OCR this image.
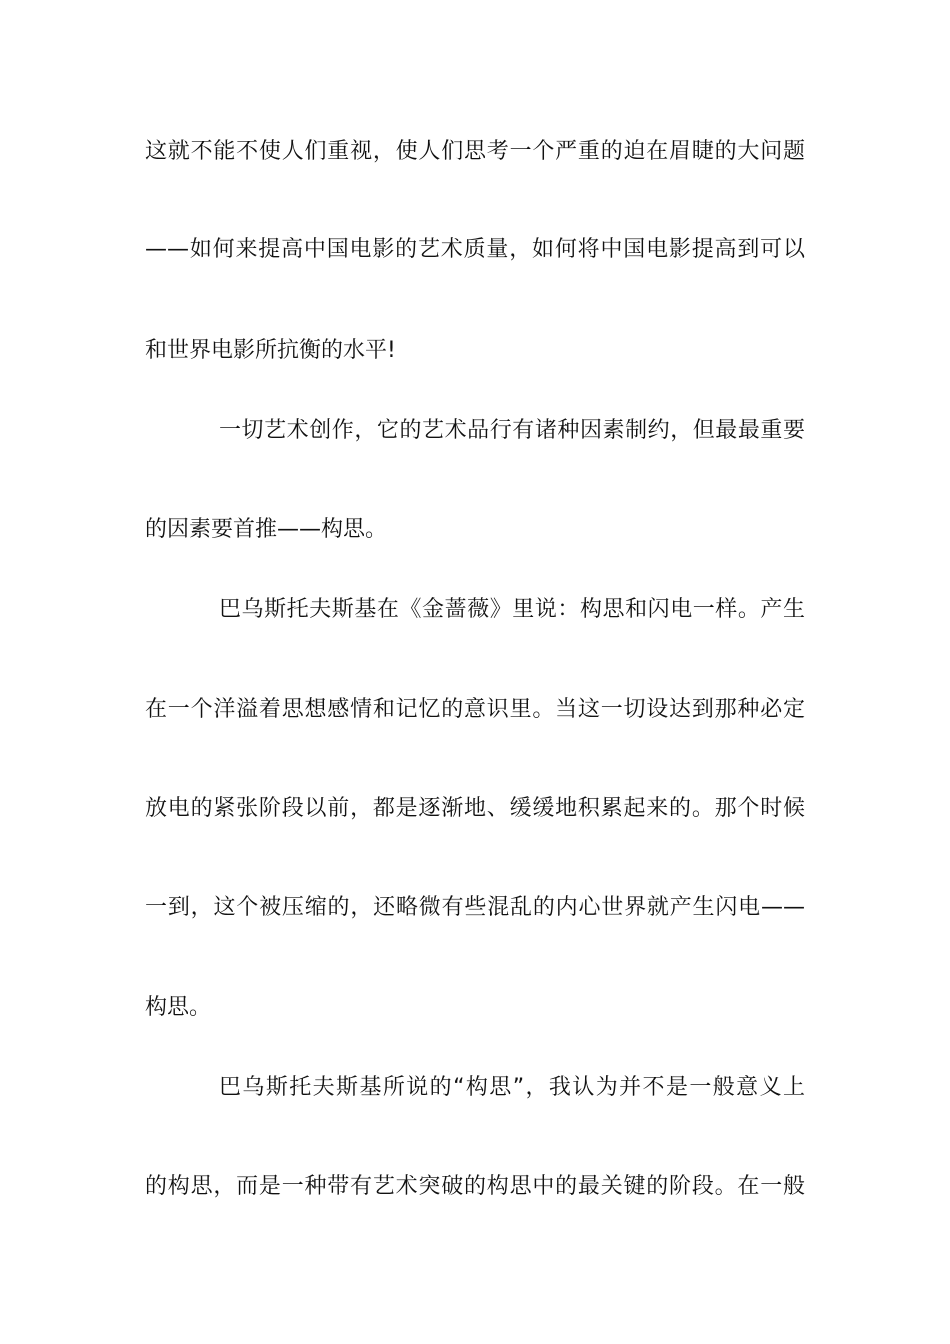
这就不能不使人们重视，使人们思考一个严重的迫在眉睫的大问题
——如何来提高中国电影的艺术质量，如何将中国电影提高到可以
和世界电影所抗衡的水平!
一切艺术创作，它的艺术品行有诸种因素制约，但最最重要
的因素要首推——构思。
巴乌斯托夫斯基在《金蔷薇》里说：构思和闪电一样。产生
在一个洋溢着思想感情和记忆的意识里。当这一切设达到那种必定
放电的紧张阶段以前，都是逐渐地、缓缓地积累起来的。那个时候
一到，这个被压缩的，还略微有些混乱的内心世界就产生闪电——
构思。
巴乌斯托夫斯基所说的“构思”，我认为并不是一般意义上
的构思，而是一种带有艺术突破的构思中的最关键的阶段。在一般
